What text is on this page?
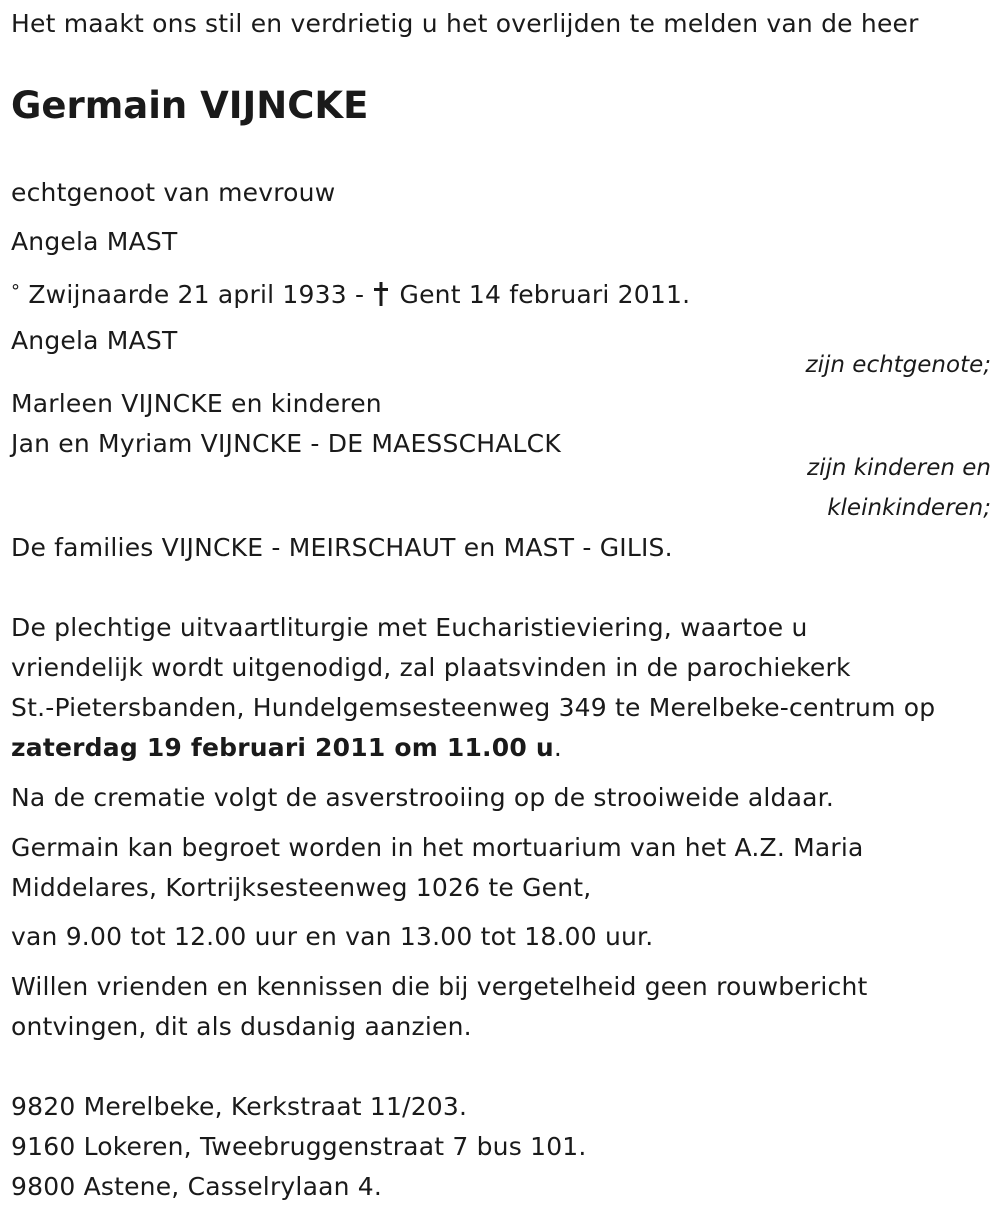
Het maakt ons stil en verdrietig u het overlijden te melden van de heer
Germain VIJNCKE
echtgenoot van mevrouw
Angela MAST
° Zwijnaarde 21 april 1933 - Gent 14 februari 2011.
Angela MAST
zijn echtgenote;
Marleen VIJNCKE en kinderen
Jan en Myriam VIJNCKE - DE MAESSCHALCK
zijn kinderen en
kleinkinderen;
De families VIJNCKE - MEIRSCHAUT en MAST - GILIS.
De plechtige uitvaartliturgie met Eucharistieviering, waartoe u
vriendelijk wordt uitgenodigd, zal plaatsvinden in de parochiekerk
St.-Pietersbanden, Hundelgemsesteenweg 349 te Merelbeke-centrum op
zaterdag 19 februari 2011 om 11.00 u.
Na de crematie volgt de asverstrooiing op de strooiweide aldaar.
Germain kan begroet worden in het mortuarium van het A.Z. Maria
Middelares, Kortrijksesteenweg 1026 te Gent,
van 9.00 tot 12.00 uur en van 13.00 tot 18.00 uur.
Willen vrienden en kennissen die bij vergetelheid geen rouwbericht
ontvingen, dit als dusdanig aanzien.
9820 Merelbeke, Kerkstraat 11/203.
9160 Lokeren, Tweebruggenstraat 7 bus 101.
9800 Astene, Casselrylaan 4.
